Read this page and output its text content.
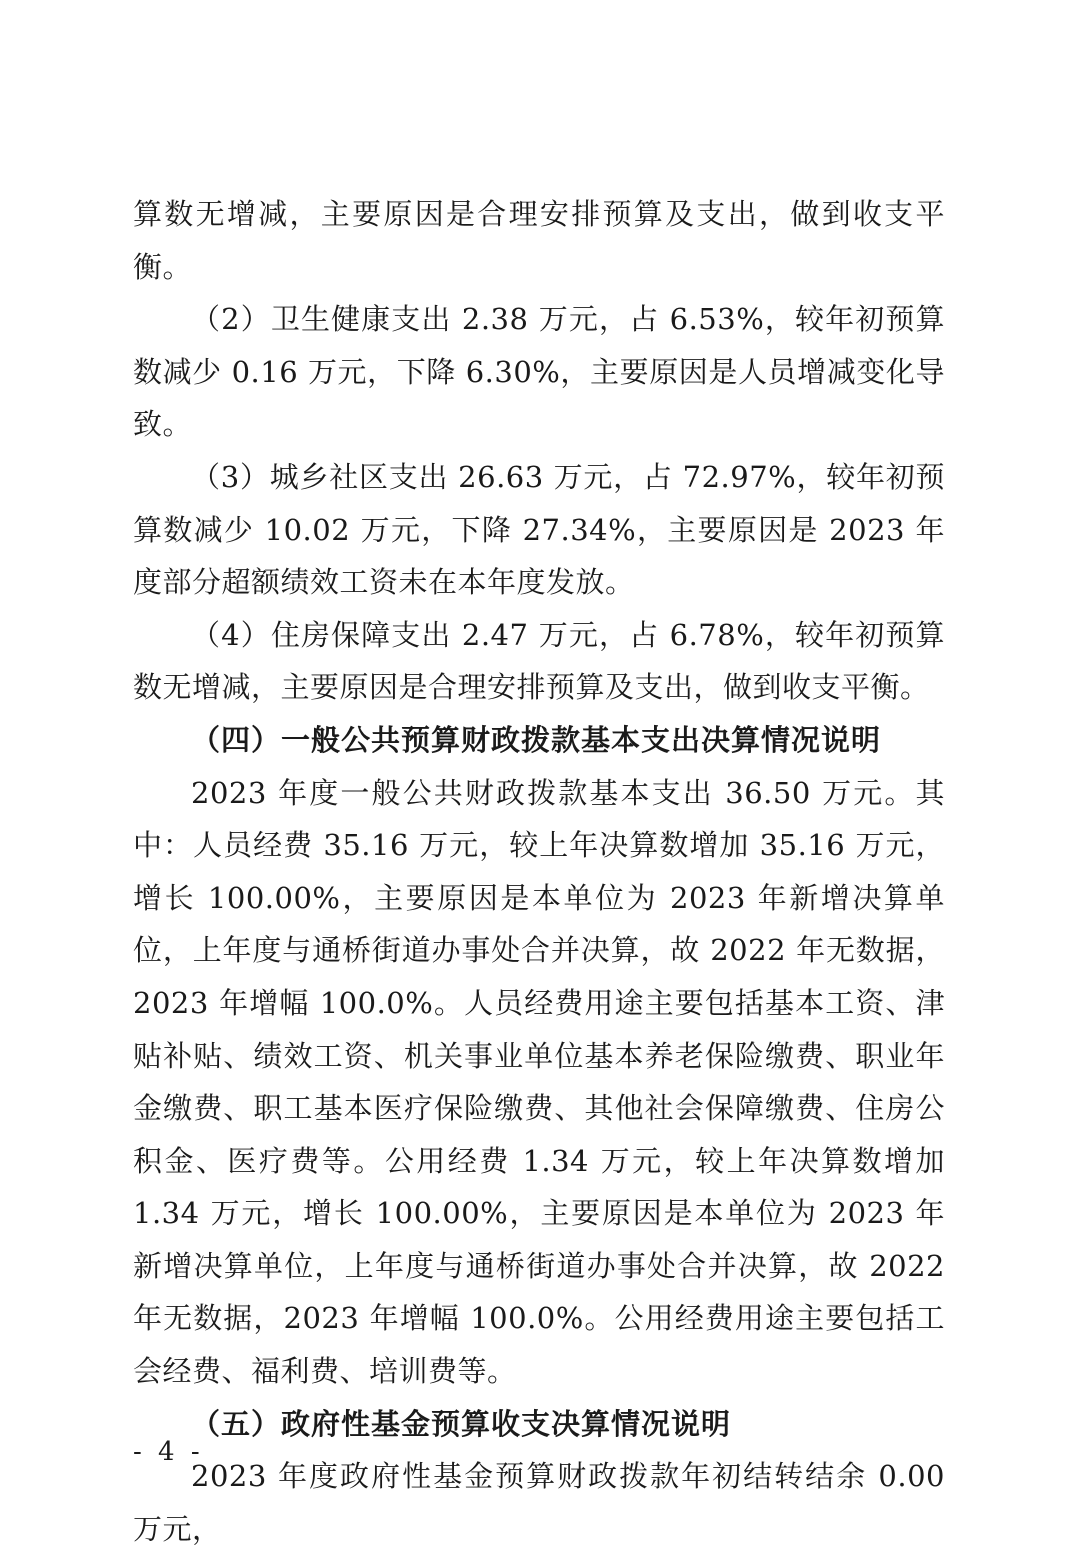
算数无增减，主要原因是合理安排预算及支出，做到收支平衡。

（2）卫生健康支出 2.38 万元，占 6.53%，较年初预算数减少 0.16 万元，下降 6.30%，主要原因是人员增减变化导致。

（3）城乡社区支出 26.63 万元，占 72.97%，较年初预算数减少 10.02 万元，下降 27.34%，主要原因是 2023 年度部分超额绩效工资未在本年度发放。

（4）住房保障支出 2.47 万元，占 6.78%，较年初预算数无增减，主要原因是合理安排预算及支出，做到收支平衡。

（四）一般公共预算财政拨款基本支出决算情况说明

2023 年度一般公共财政拨款基本支出 36.50 万元。其中：人员经费 35.16 万元，较上年决算数增加 35.16 万元，增长 100.00%，主要原因是本单位为 2023 年新增决算单位，上年度与通桥街道办事处合并决算，故 2022 年无数据，2023 年增幅 100.0%。人员经费用途主要包括基本工资、津贴补贴、绩效工资、机关事业单位基本养老保险缴费、职业年金缴费、职工基本医疗保险缴费、其他社会保障缴费、住房公积金、医疗费等。公用经费 1.34 万元，较上年决算数增加 1.34 万元，增长 100.00%，主要原因是本单位为 2023 年新增决算单位，上年度与通桥街道办事处合并决算，故 2022 年无数据，2023 年增幅 100.0%。公用经费用途主要包括工会经费、福利费、培训费等。

（五）政府性基金预算收支决算情况说明

2023 年度政府性基金预算财政拨款年初结转结余 0.00 万元，

- 4 -
